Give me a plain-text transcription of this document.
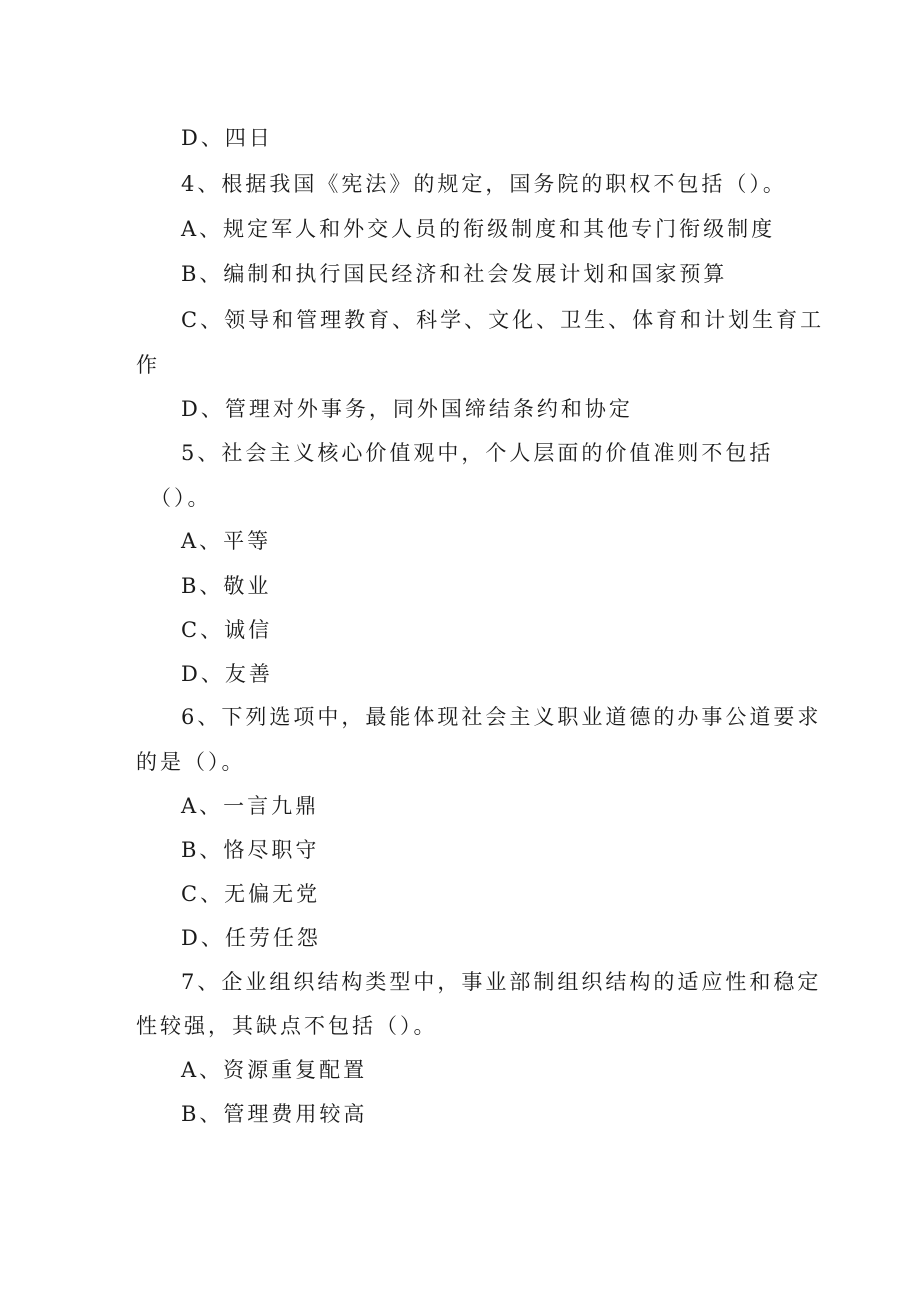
D、四日
4、根据我国《宪法》的规定，国务院的职权不包括（）。
A、规定军人和外交人员的衔级制度和其他专门衔级制度
B、编制和执行国民经济和社会发展计划和国家预算
C、领导和管理教育、科学、文化、卫生、体育和计划生育工
作
D、管理对外事务，同外国缔结条约和协定
5、社会主义核心价值观中，个人层面的价值准则不包括
（）。
A、平等
B、敬业
C、诚信
D、友善
6、下列选项中，最能体现社会主义职业道德的办事公道要求
的是（）。
A、一言九鼎
B、恪尽职守
C、无偏无党
D、任劳任怨
7、企业组织结构类型中，事业部制组织结构的适应性和稳定
性较强，其缺点不包括（）。
A、资源重复配置
B、管理费用较高
